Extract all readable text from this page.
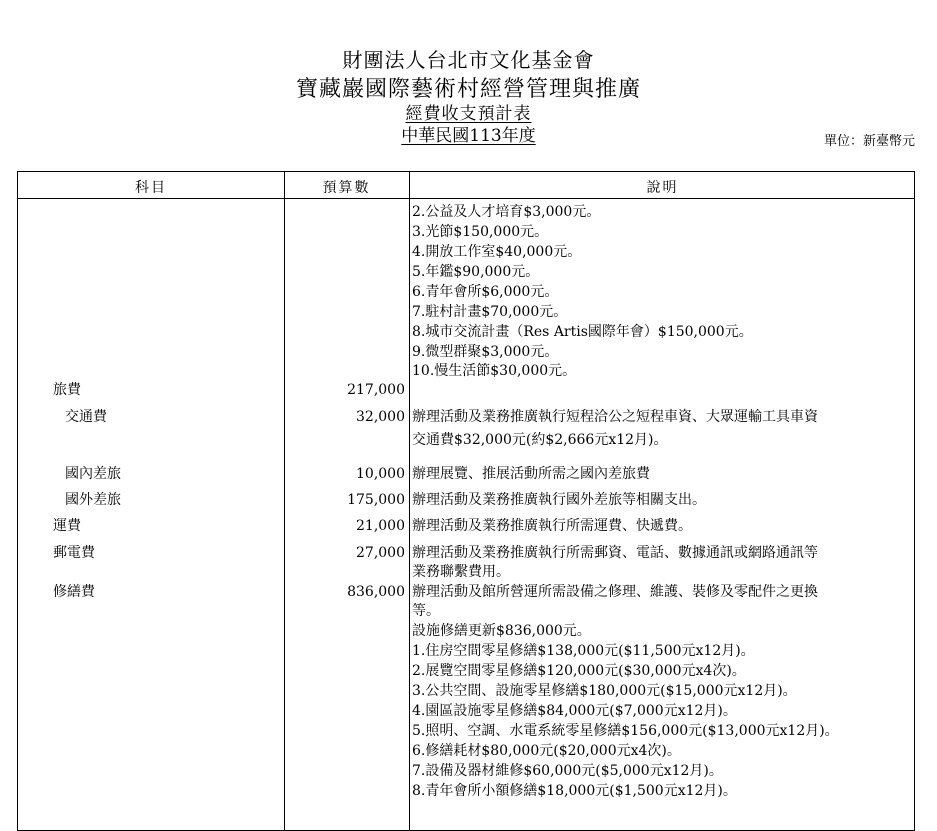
財團法人台北市文化基金會
寶藏巖國際藝術村經營管理與推廣
經費收支預計表
中華民國113年度	單位：新臺幣元
科目	預算數	說明
2.公益及人才培育$3,000元。
3.光節$150,000元。
4.開放工作室$40,000元。
5.年鑑$90,000元。
6.青年會所$6,000元。
7.駐村計畫$70,000元。
8.城市交流計畫（Res Artis國際年會）$150,000元。
9.微型群聚$3,000元。
10.慢生活節$30,000元。
旅費	217,000
交通費	32,000 辦理活動及業務推廣執行短程洽公之短程車資、大眾運輸工具車資
交通費$32,000元(約$2,666元x12月)。
國內差旅	10,000 辦理展覽、推展活動所需之國內差旅費
國外差旅	175,000 辦理活動及業務推廣執行國外差旅等相關支出。
運費	21,000 辦理活動及業務推廣執行所需運費、快遞費。
郵電費	27,000 辦理活動及業務推廣執行所需郵資、電話、數據通訊或網路通訊等
業務聯繫費用。
修繕費	836,000 辦理活動及館所營運所需設備之修理、維護、裝修及零配件之更換
等。
設施修繕更新$836,000元。
1.住房空間零星修繕$138,000元($11,500元x12月)。
2.展覽空間零星修繕$120,000元($30,000元x4次)。
3.公共空間、設施零星修繕$180,000元($15,000元x12月)。
4.園區設施零星修繕$84,000元($7,000元x12月)。
5.照明、空調、水電系統零星修繕$156,000元($13,000元x12月)。
6.修繕耗材$80,000元($20,000元x4次)。
7.設備及器材維修$60,000元($5,000元x12月)。
8.青年會所小額修繕$18,000元($1,500元x12月)。
